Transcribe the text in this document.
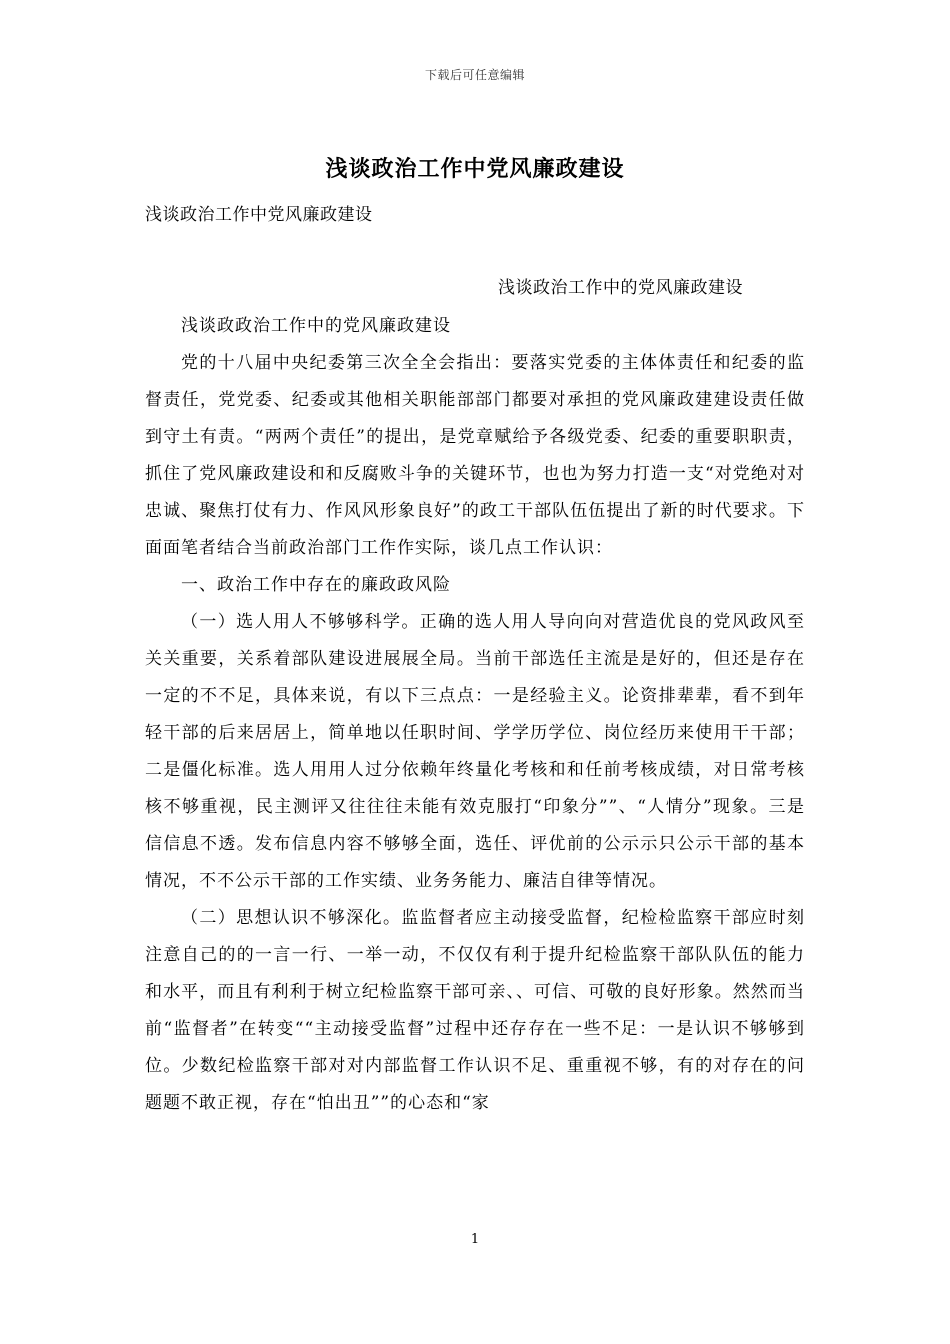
下载后可任意编辑
浅谈政治工作中党风廉政建设
浅谈政治工作中党风廉政建设
浅谈政治工作中的党风廉政建设

浅谈政政治工作中的党风廉政建设

党的十八届中央纪委第三次全全会指出：要落实党委的主体体责任和纪委的监督责任，党党委、纪委或其他相关职能部部门都要对承担的党风廉政建建设责任做到守土有责。“两两个责任”的提出，是党章赋给予各级党委、纪委的重要职职责，抓住了党风廉政建设和和反腐败斗争的关键环节，也也为努力打造一支“对党绝对对忠诚、聚焦打仗有力、作风风形象良好”的政工干部队伍伍提出了新的时代要求。下面面笔者结合当前政治部门工作作实际，谈几点工作认识：

一、政治工作中存在的廉政政风险

（一）选人用人不够够科学。正确的选人用人导向向对营造优良的党风政风至关关重要，关系着部队建设进展展全局。当前干部选任主流是是好的，但还是存在一定的不不足，具体来说，有以下三点点：一是经验主义。论资排辈辈，看不到年轻干部的后来居居上，简单地以任职时间、学学历学位、岗位经历来使用干干部；二是僵化标准。选人用用人过分依赖年终量化考核和和任前考核成绩，对日常考核核不够重视，民主测评又往往往未能有效克服打“印象分””、“人情分”现象。三是信信息不透。发布信息内容不够够全面，选任、评优前的公示示只公示干部的基本情况，不不公示干部的工作实绩、业务务能力、廉洁自律等情况。

（二）思想认识不够深化。监监督者应主动接受监督，纪检检监察干部应时刻注意自己的的一言一行、一举一动，不仅仅有利于提升纪检监察干部队队伍的能力和水平，而且有利利于树立纪检监察干部可亲、、可信、可敬的良好形象。然然而当前“监督者”在转变““主动接受监督”过程中还存存在一些不足：一是认识不够够到位。少数纪检监察干部对对内部监督工作认识不足、重重视不够，有的对存在的问题题不敢正视，存在“怕出丑””的心态和“家

1
